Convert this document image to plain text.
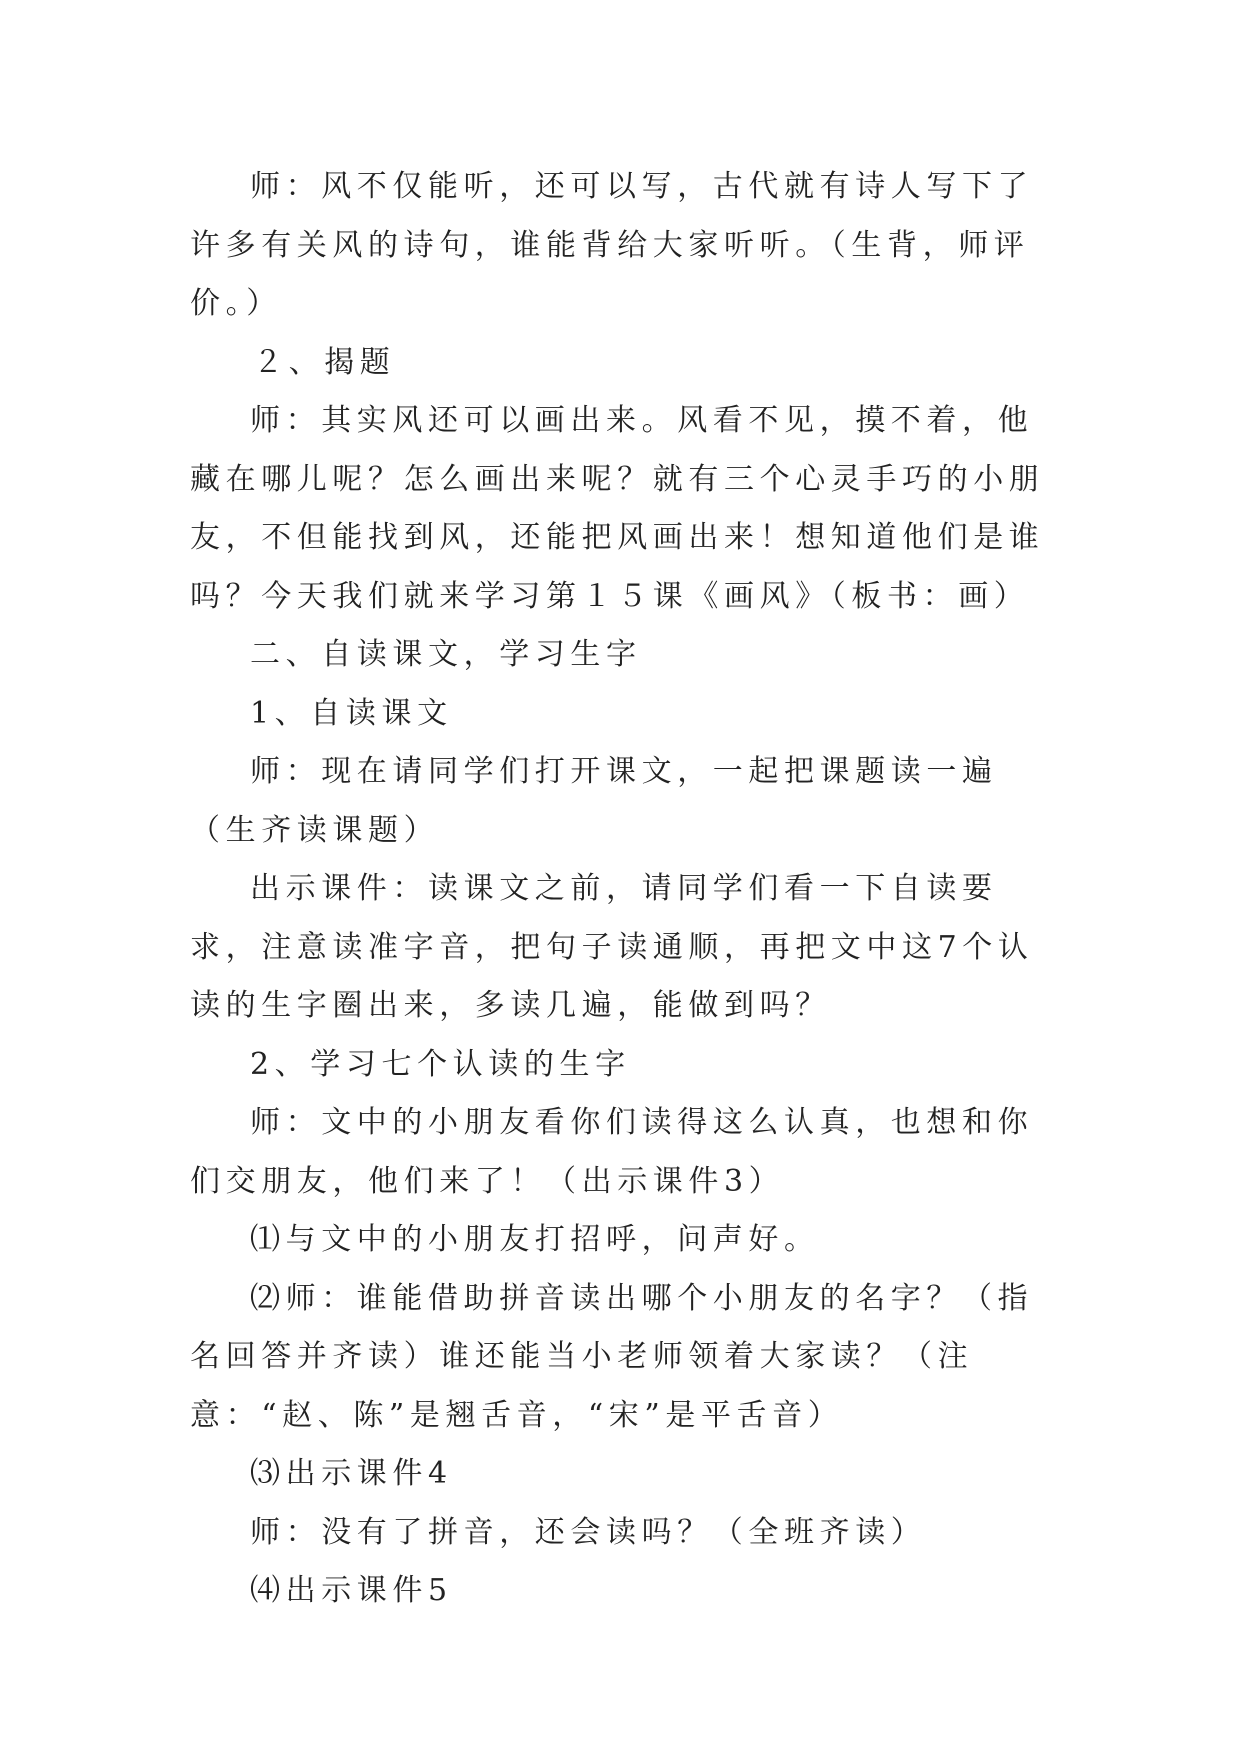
师：风不仅能听，还可以写，古代就有诗人写下了许多有关风的诗句，谁能背给大家听听。（生背，师评价。）

２、揭题

师：其实风还可以画出来。风看不见，摸不着，他藏在哪儿呢？怎么画出来呢？就有三个心灵手巧的小朋友，不但能找到风，还能把风画出来！想知道他们是谁吗？今天我们就来学习第１５课《画风》（板书：画）

二、自读课文，学习生字

1、自读课文

师：现在请同学们打开课文，一起把课题读一遍（生齐读课题）

出示课件：读课文之前，请同学们看一下自读要求，注意读准字音，把句子读通顺，再把文中这7个认读的生字圈出来，多读几遍，能做到吗？

2、学习七个认读的生字

师：文中的小朋友看你们读得这么认真，也想和你们交朋友，他们来了！（出示课件3）

⑴与文中的小朋友打招呼，问声好。

⑵师：谁能借助拼音读出哪个小朋友的名字？（指名回答并齐读）谁还能当小老师领着大家读？（注意：“赵、陈”是翘舌音，“宋”是平舌音）

⑶出示课件4

师：没有了拼音，还会读吗？（全班齐读）

⑷出示课件5
